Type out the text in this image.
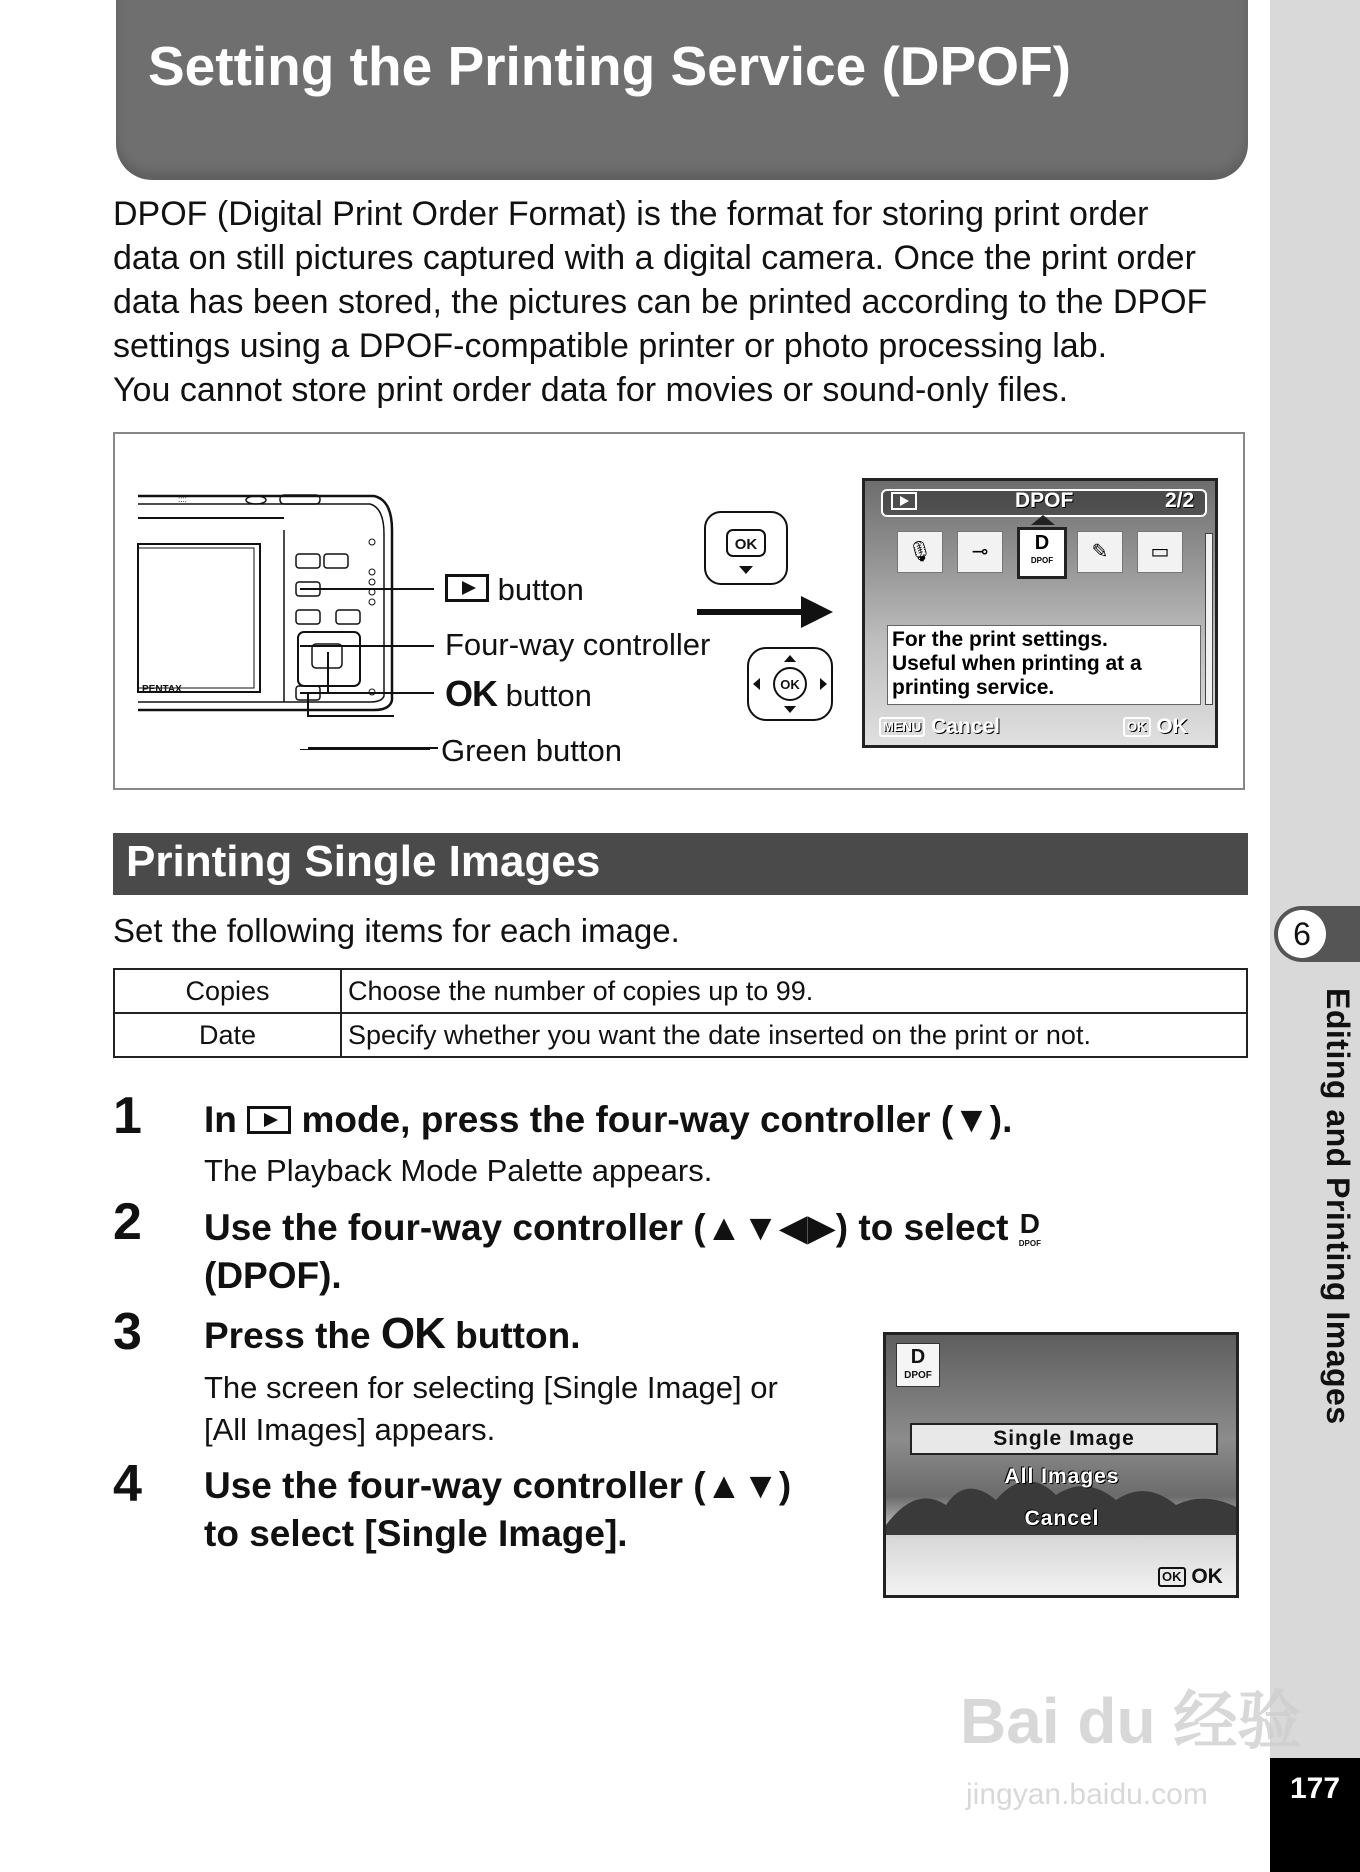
6
Editing and Printing Images
177
Setting the Printing Service (DPOF)

DPOF (Digital Print Order Format) is the format for storing print order

data on still pictures captured with a digital camera. Once the print order

data has been stored, the pictures can be printed according to the DPOF

settings using a DPOF-compatible printer or photo processing lab.

You cannot store print order data for movies or sound-only files.

::::
PENTAX
button
Four-way controller
OK button
Green button
OK
OK
DPOF	2/2
🎙	⊸	D
DPOF	✎	▭
For the print settings.
Useful when printing at a
printing service.
MENU Cancel	OK OK
Printing Single Images
Set the following items for each image.
Copies	Choose the number of copies up to 99.
Date	Specify whether you want the date inserted on the print or not.
1 In mode, press the four-way controller (▼).
The Playback Mode Palette appears.
2 Use the four-way controller (▲▼◀▶) to select D
DPOF
(DPOF).
3 Press the OK button.
The screen for selecting [Single Image] or
[All Images] appears.
4 Use the four-way controller (▲▼)
to select [Single Image].
D
DPOF
Single Image
All Images
Cancel
OK OK
Bai du 经验
jingyan.baidu.com
